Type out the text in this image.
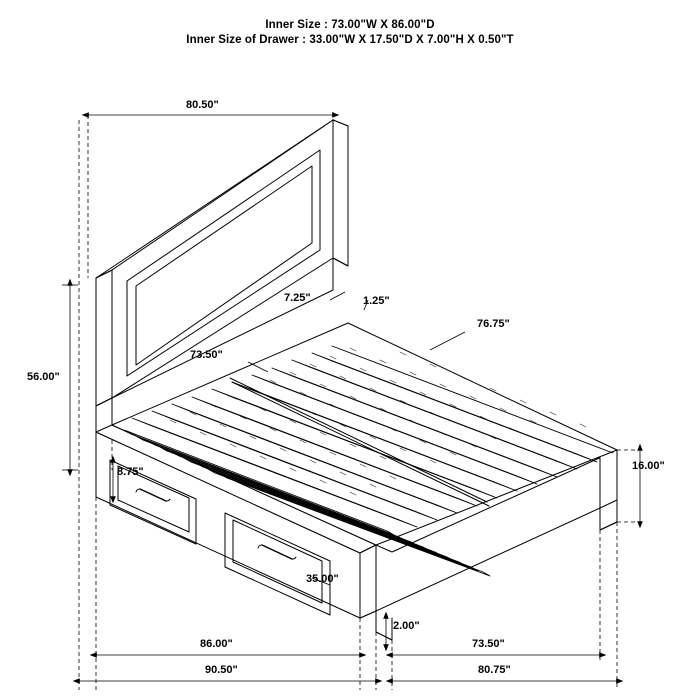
Inner Size : 73.00"W X 86.00"D
Inner Size of Drawer : 33.00"W X 17.50"D X 7.00"H X 0.50"T
80.50"
56.00"
7.25"	1.25"
76.75"
73.50"
8.75"	16.00"
35.00"
2.00"
86.00"	73.50"
90.50"	80.75"
